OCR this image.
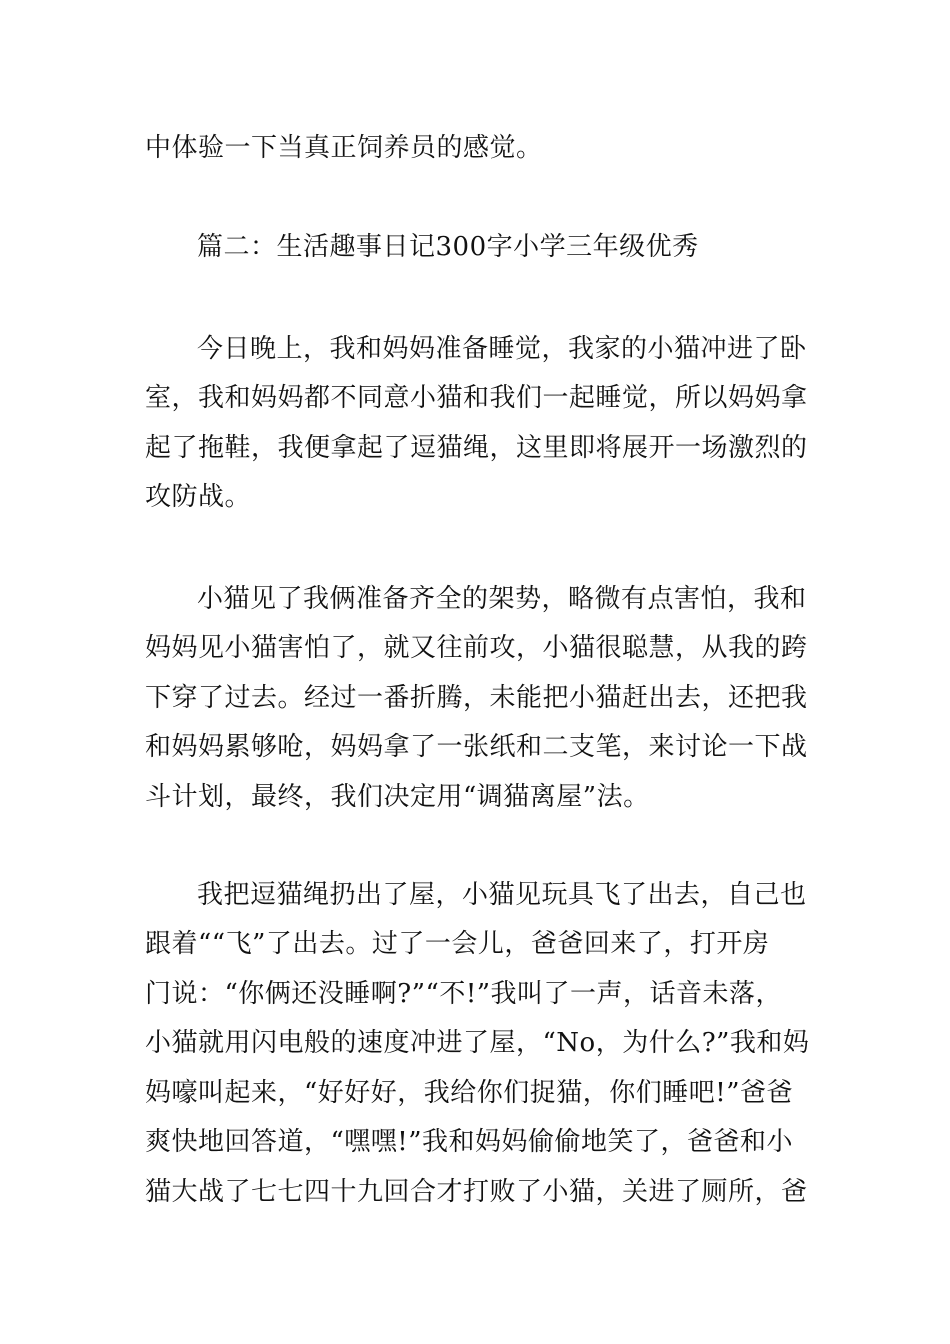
中体验一下当真正饲养员的感觉。
篇二：生活趣事日记300字小学三年级优秀
今日晚上，我和妈妈准备睡觉，我家的小猫冲进了卧
室，我和妈妈都不同意小猫和我们一起睡觉，所以妈妈拿
起了拖鞋，我便拿起了逗猫绳，这里即将展开一场激烈的
攻防战。
小猫见了我俩准备齐全的架势，略微有点害怕，我和
妈妈见小猫害怕了，就又往前攻，小猫很聪慧，从我的跨
下穿了过去。经过一番折腾，未能把小猫赶出去，还把我
和妈妈累够呛，妈妈拿了一张纸和二支笔，来讨论一下战
斗计划，最终，我们决定用“调猫离屋”法。
我把逗猫绳扔出了屋，小猫见玩具飞了出去，自己也
跟着““飞”了出去。过了一会儿，爸爸回来了，打开房
门说：“你俩还没睡啊?”“不!”我叫了一声，话音未落，
小猫就用闪电般的速度冲进了屋，“No，为什么?”我和妈
妈嚎叫起来，“好好好，我给你们捉猫，你们睡吧!”爸爸
爽快地回答道，“嘿嘿!”我和妈妈偷偷地笑了，爸爸和小
猫大战了七七四十九回合才打败了小猫，关进了厕所，爸
